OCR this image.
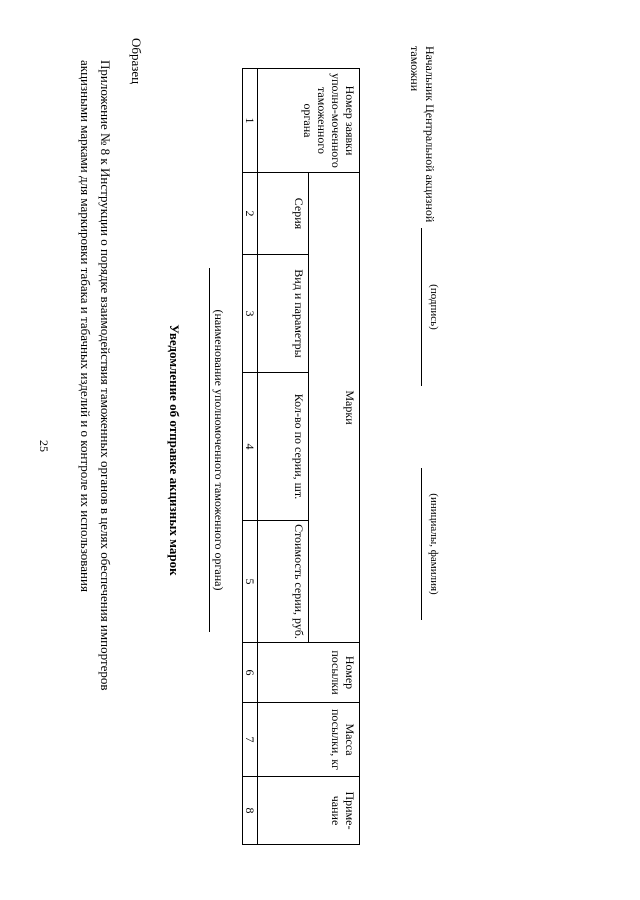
25	Приложение № 8 к Инструкции о порядке взаимодействия таможенных органов в целях обеспечения импортеров акцизными марками для маркировки табака и табачных изделий и о контроле их использования	Образец
Уведомление об отправке акцизных марок	(наименование уполномоченного таможенного органа)
Номер заявки уполно-моченного таможенного органа	Марки				Номер посылки	Масса посылки, кг	Приме-чание
	Серия	Вид и параметры	Кол-во по серии, шт.	Стоимость серии, руб.			
1	2	3	4	5	6	7	8
Начальник Центральной акцизной таможни
(подпись)
(инициалы, фамилия)
